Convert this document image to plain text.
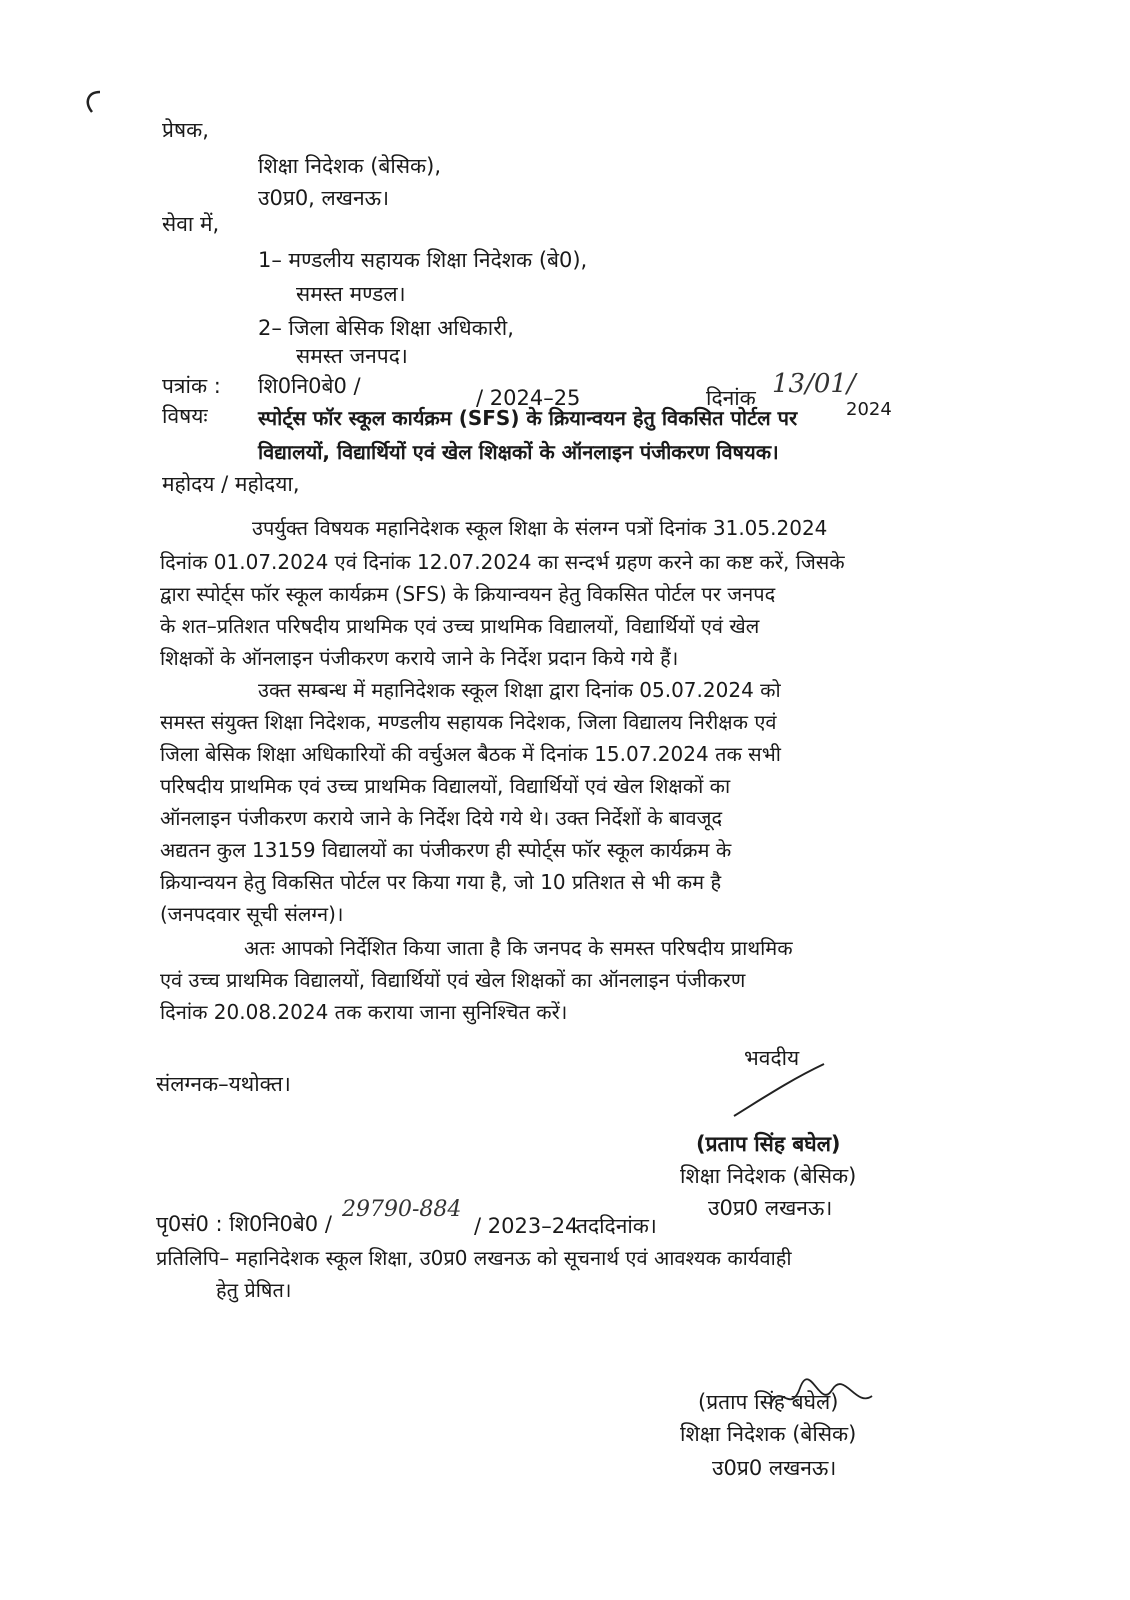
प्रेषक,
शिक्षा निदेशक (बेसिक),
उ0प्र0, लखनऊ।
सेवा में,
1– मण्डलीय सहायक शिक्षा निदेशक (बे0),
समस्त मण्डल।
2– जिला बेसिक शिक्षा अधिकारी,
समस्त जनपद।
पत्रांक : शि0नि0बे0 /	/ 2024–25	दिनांक 13/01/
2024
विषयः	स्पोर्ट्स फॉर स्कूल कार्यक्रम (SFS) के क्रियान्वयन हेतु विकसित पोर्टल पर
विद्यालयों, विद्यार्थियों एवं खेल शिक्षकों के ऑनलाइन पंजीकरण विषयक।
महोदय / महोदया,
उपर्युक्त विषयक महानिदेशक स्कूल शिक्षा के संलग्न पत्रों दिनांक 31.05.2024
दिनांक 01.07.2024 एवं दिनांक 12.07.2024 का सन्दर्भ ग्रहण करने का कष्ट करें, जिसके
द्वारा स्पोर्ट्स फॉर स्कूल कार्यक्रम (SFS) के क्रियान्वयन हेतु विकसित पोर्टल पर जनपद
के शत–प्रतिशत परिषदीय प्राथमिक एवं उच्च प्राथमिक विद्यालयों, विद्यार्थियों एवं खेल
शिक्षकों के ऑनलाइन पंजीकरण कराये जाने के निर्देश प्रदान किये गये हैं।
उक्त सम्बन्ध में महानिदेशक स्कूल शिक्षा द्वारा दिनांक 05.07.2024 को
समस्त संयुक्त शिक्षा निदेशक, मण्डलीय सहायक निदेशक, जिला विद्यालय निरीक्षक एवं
जिला बेसिक शिक्षा अधिकारियों की वर्चुअल बैठक में दिनांक 15.07.2024 तक सभी
परिषदीय प्राथमिक एवं उच्च प्राथमिक विद्यालयों, विद्यार्थियों एवं खेल शिक्षकों का
ऑनलाइन पंजीकरण कराये जाने के निर्देश दिये गये थे। उक्त निर्देशों के बावजूद
अद्यतन कुल 13159 विद्यालयों का पंजीकरण ही स्पोर्ट्स फॉर स्कूल कार्यक्रम के
क्रियान्वयन हेतु विकसित पोर्टल पर किया गया है, जो 10 प्रतिशत से भी कम है
(जनपदवार सूची संलग्न)।
अतः आपको निर्देशित किया जाता है कि जनपद के समस्त परिषदीय प्राथमिक
एवं उच्च प्राथमिक विद्यालयों, विद्यार्थियों एवं खेल शिक्षकों का ऑनलाइन पंजीकरण
दिनांक 20.08.2024 तक कराया जाना सुनिश्चित करें।
भवदीय
संलग्नक–यथोक्त।
(प्रताप सिंह बघेल)
शिक्षा निदेशक (बेसिक)
उ0प्र0 लखनऊ।
पृ0सं0 : शि0नि0बे0 /
29790-884
/ 2023–24
तददिनांक।
प्रतिलिपि– महानिदेशक स्कूल शिक्षा, उ0प्र0 लखनऊ को सूचनार्थ एवं आवश्यक कार्यवाही
हेतु प्रेषित।
(प्रताप सिंह बघेल)
शिक्षा निदेशक (बेसिक)
उ0प्र0 लखनऊ।
